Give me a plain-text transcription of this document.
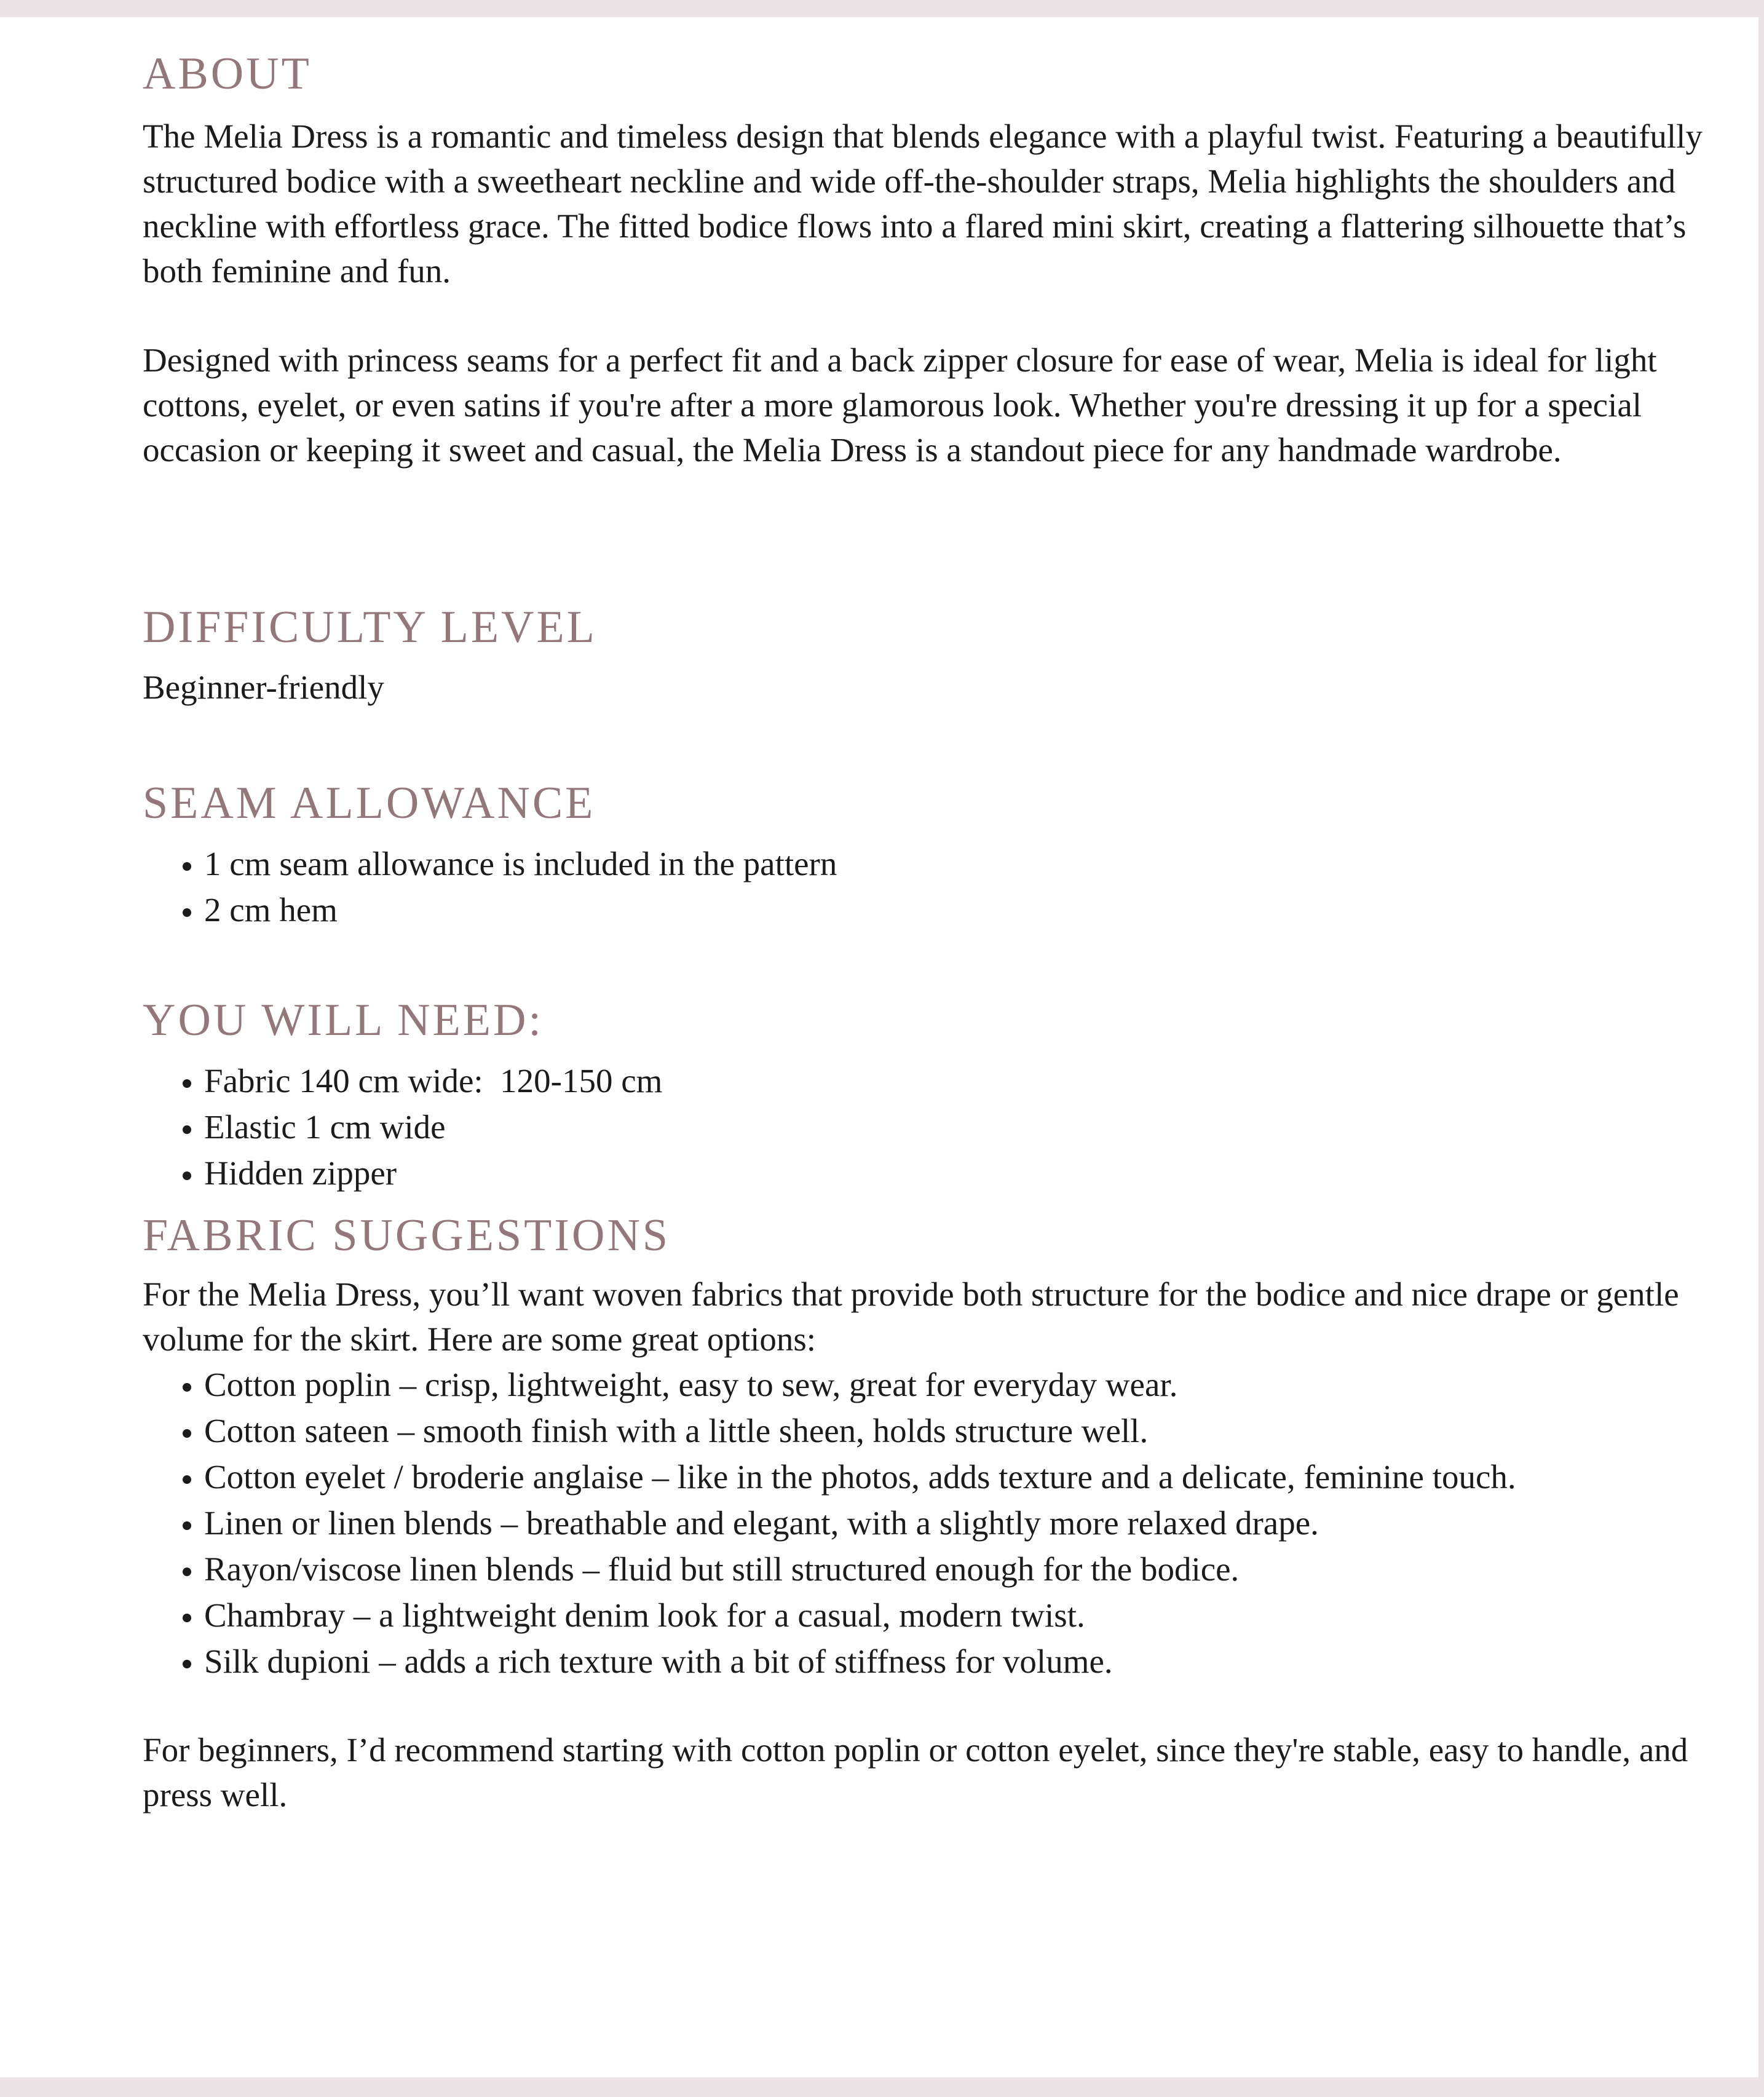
ABOUT

The Melia Dress is a romantic and timeless design that blends elegance with a playful twist. Featuring a beautifully structured bodice with a sweetheart neckline and wide off-the-shoulder straps, Melia highlights the shoulders and neckline with effortless grace. The fitted bodice flows into a flared mini skirt, creating a flattering silhouette that’s both feminine and fun.

Designed with princess seams for a perfect fit and a back zipper closure for ease of wear, Melia is ideal for light cottons, eyelet, or even satins if you're after a more glamorous look. Whether you're dressing it up for a special occasion or keeping it sweet and casual, the Melia Dress is a standout piece for any handmade wardrobe.

DIFFICULTY LEVEL

Beginner-friendly

SEAM ALLOWANCE
• 1 cm seam allowance is included in the pattern
• 2 cm hem
YOU WILL NEED:
• Fabric 140 cm wide:  120-150 cm
• Elastic 1 cm wide
• Hidden zipper
FABRIC SUGGESTIONS

For the Melia Dress, you’ll want woven fabrics that provide both structure for the bodice and nice drape or gentle volume for the skirt. Here are some great options:

• Cotton poplin – crisp, lightweight, easy to sew, great for everyday wear.
• Cotton sateen – smooth finish with a little sheen, holds structure well.
• Cotton eyelet / broderie anglaise – like in the photos, adds texture and a delicate, feminine touch.
• Linen or linen blends – breathable and elegant, with a slightly more relaxed drape.
• Rayon/viscose linen blends – fluid but still structured enough for the bodice.
• Chambray – a lightweight denim look for a casual, modern twist.
• Silk dupioni – adds a rich texture with a bit of stiffness for volume.

For beginners, I’d recommend starting with cotton poplin or cotton eyelet, since they're stable, easy to handle, and press well.
